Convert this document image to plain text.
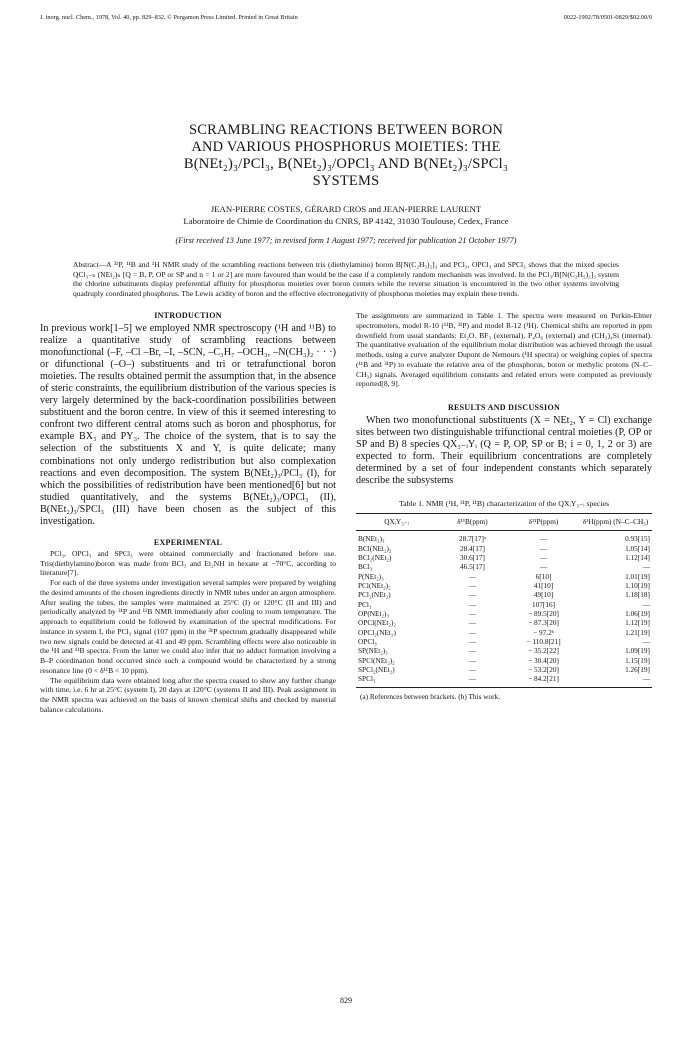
J. inorg. nucl. Chem., 1978, Vol. 40, pp. 829–832. © Pergamon Press Limited. Printed in Great Britain	0022-1902/78/0501-0829/$02.00/0
SCRAMBLING REACTIONS BETWEEN BORON
AND VARIOUS PHOSPHORUS MOIETIES: THE
B(NEt₂)₃/PCl₃, B(NEt₂)₃/OPCl₃ AND B(NEt₂)₃/SPCl₃
SYSTEMS
JEAN-PIERRE COSTES, GÉRARD CROS and JEAN-PIERRE LAURENT
Laboratoire de Chimie de Coordination du CNRS, BP 4142, 31030 Toulouse, Cedex, France
(First received 13 June 1977; in revised form 1 August 1977; received for publication 21 October 1977)

Abstract—A ³¹P, ¹¹B and ¹H NMR study of the scrambling reactions between tris (diethylamino) boron B[N(C₂H₅)₂]₃ and PCl₃, OPCl₃ and SPCl₃ shows that the mixed species QCl₃₋ₙ (NEt₂)ₙ [Q = B, P, OP or SP and n = 1 or 2] are more favoured than would be the case if a completely random mechanism was involved. In the PCl₃/B[N(C₂H₅)₂]₃ system the chlorine substituents display preferential affinity for phosphorus moieties over boron centers while the reverse situation is encountered in the two other systems involving quadruply coordinated phosphorus. The Lewis acidity of boron and the effective electronegativity of phosphorus moieties may explain these trends.

INTRODUCTION

In previous work[1–5] we employed NMR spectroscopy (¹H and ¹¹B) to realize a quantitative study of scrambling reactions between monofunctional (–F, –Cl –Br, –I, –SCN, –C₃H₇ –OCH₃, –N(CH₃)₂ · · ·) or difunctional (–O–) substituents and tri or tetrafunctional boron moieties. The results obtained permit the assumption that, in the absence of steric constraints, the equilibrium distribution of the various species is very largely determined by the back-coordination possibilities between substituent and the boron centre. In view of this it seemed interesting to confront two different central atoms such as boron and phosphorus, for example BX₃ and PY₃. The choice of the system, that is to say the selection of the substituents X and Y, is quite delicate; many combinations not only undergo redistribution but also complexation reactions and even decomposition. The system B(NEt₂)₃/PCl₃ (I), for which the possibilities of redistribution have been mentioned[6] but not studied quantitatively, and the systems B(NEt₂)₃/OPCl₃ (II), B(NEt₂)₃/SPCl₃ (III) have been chosen as the subject of this investigation.

EXPERIMENTAL

PCl₃, OPCl₃ and SPCl₃ were obtained commercially and fractionated before use. Tris(diethylamino)boron was made from BCl₃ and Et₂NH in hexane at −70°C, according to literature[7].

For each of the three systems under investigation several samples were prepared by weighing the desired amounts of the chosen ingredients directly in NMR tubes under an argon atmosphere. After sealing the tubes, the samples were maintained at 25°C (I) or 120°C (II and III) and periodically analyzed by ³¹P and ¹¹B NMR immediately after cooling to room temperature. The approach to equilibrium could be followed by examination of the spectral modifications. For instance in system I, the PCl₃ signal (107 ppm) in the ³¹P spectrum gradually disappeared while two new signals could be detected at 41 and 49 ppm. Scrambling effects were also noticeable in the ¹H and ¹¹B spectra. From the latter we could also infer that no adduct formation involving a B–P coordination bond occurred since such a compound would be characterized by a strong resonance line (0 < δ¹¹B < 10 ppm).

The equilibrium data were obtained long after the spectra ceased to show any further change with time, i.e. 6 hr at 25°C (system I), 20 days at 120°C (systems II and III). Peak assignment in the NMR spectra was achieved on the basis of known chemical shifts and checked by material balance calculations.

The assignments are summarized in Table 1. The spectra were measured on Perkin-Elmer spectrometers, model R-10 (¹¹B, ³¹P) and model R-12 (¹H). Chemical shifts are reported in ppm downfield from usual standards: Et₂O. BF₃ (external), P₄O₆ (external) and (CH₃)₄Si (internal). The quantitative evaluation of the equilibrium molar distribution was achieved through the usual methods, using a curve analyzer Dupont de Nemours (¹H spectra) or weighing copies of spectra (¹¹B and ³¹P) to evaluate the relative area of the phosphorus, boron or methylic protons (N–C–CH₃) signals. Averaged equilibrium constants and related errors were computed as previously reported[8, 9].

RESULTS AND DISCUSSION

When two monofunctional substituents (X = NEt₂, Y = Cl) exchange sites between two distinguishable trifunctional central moieties (P, OP or SP and B) 8 species QX₃₋ᵢYᵢ (Q = P, OP, SP or B; i = 0, 1, 2 or 3) are expected to form. Their equilibrium concentrations are completely determined by a set of four independent constants which separately describe the subsystems

Table 1. NMR (¹H, ³¹P, ¹¹B) characterization of the QXᵢY₃₋ᵢ species

QXᵢY₃₋ᵢ	δ¹¹B(ppm)	δ³¹P(ppm)	δ¹H(ppm) (N–C–CH₃)
B(NEt₂)₃	28.7[17]ᵃ	—	0.93[15]
BCl(NEt₂)₂	28.4[17]	—	1.05[14]
BCl₂(NEt₂)	30.6[17]	—	1.12[14]
BCl₃	46.5[17]	—	—
P(NEt₂)₃	—	6[10]	1.01[19]
PCl(NEt₂)₂	—	41[10]	1.10[19]
PCl₂(NEt₂)	—	49[10]	1.18[18]
PCl₃	—	107[16]	—
OP(NEt₂)₃	—	− 89.5[20]	1.06[19]
OPCl(NEt₂)₂	—	− 87.3[20]	1.12[19]
OPCl₂(NEt₂)	—	− 97.2ᵇ	1.21[19]
OPCl₃	—	− 110.8[21]	—
SP(NEt₂)₃	—	− 35.2[22]	1.09[19]
SPCl(NEt₂)₂	—	− 30.4[20]	1.15[19]
SPCl₂(NEt₂)	—	− 53.2[20]	1.26[19]
SPCl₃	—	− 84.2[21]	—

(a) References between brackets. (b) This work.

829
